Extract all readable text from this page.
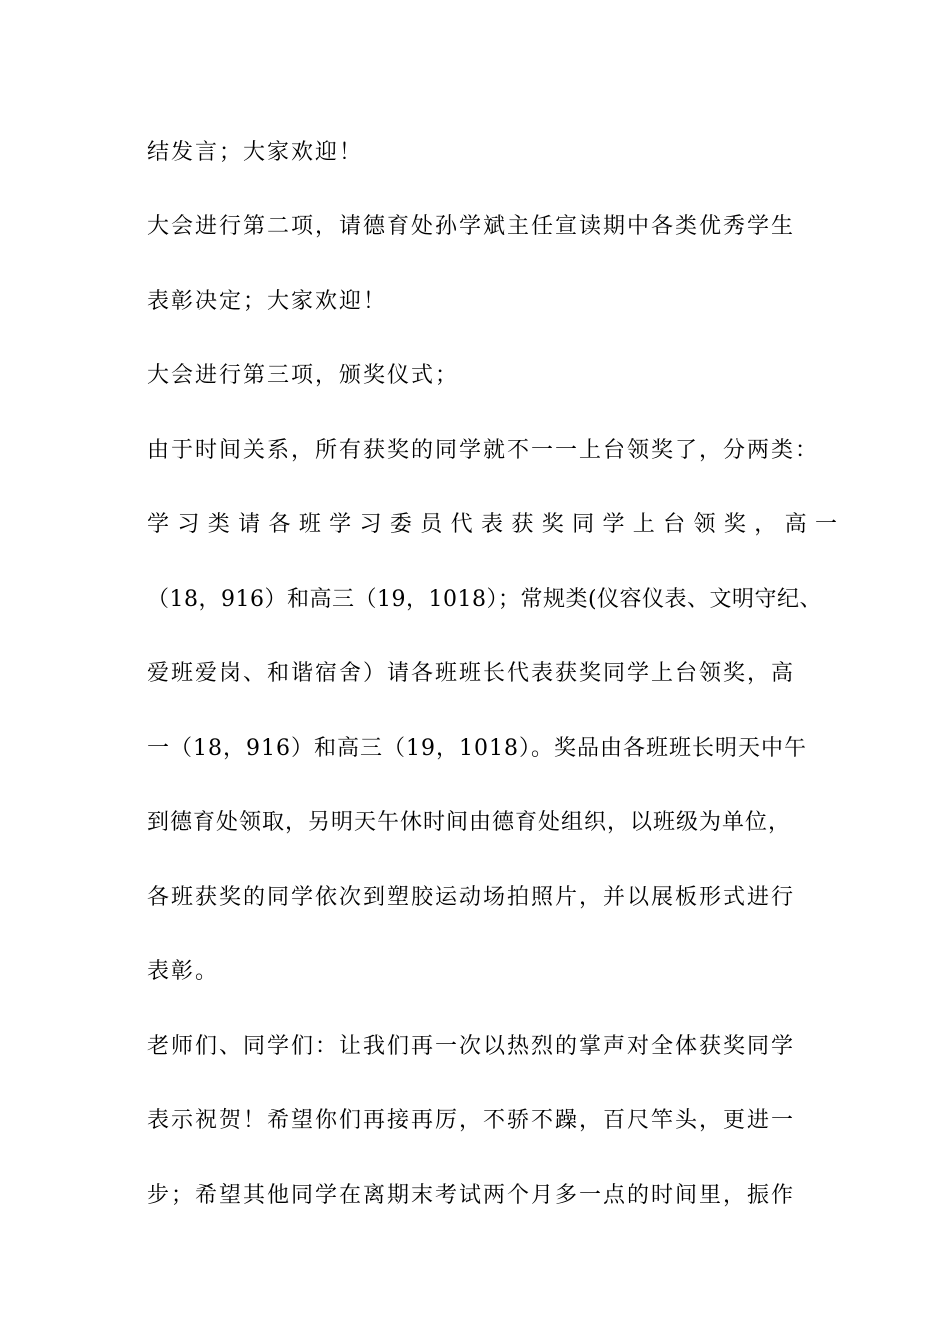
结发言；大家欢迎！
大会进行第二项，请德育处孙学斌主任宣读期中各类优秀学生
表彰决定；大家欢迎！
大会进行第三项，颁奖仪式；
由于时间关系，所有获奖的同学就不一一上台领奖了，分两类：
学习类请各班学习委员代表获奖同学上台领奖，高一
（18，916）和高三（19，1018）；常规类(仪容仪表、文明守纪、
爱班爱岗、和谐宿舍）请各班班长代表获奖同学上台领奖，高
一（18，916）和高三（19，1018）。奖品由各班班长明天中午
到德育处领取，另明天午休时间由德育处组织，以班级为单位，
各班获奖的同学依次到塑胶运动场拍照片，并以展板形式进行
表彰。
老师们、同学们：让我们再一次以热烈的掌声对全体获奖同学
表示祝贺！希望你们再接再厉，不骄不躁，百尺竿头，更进一
步；希望其他同学在离期末考试两个月多一点的时间里，振作
